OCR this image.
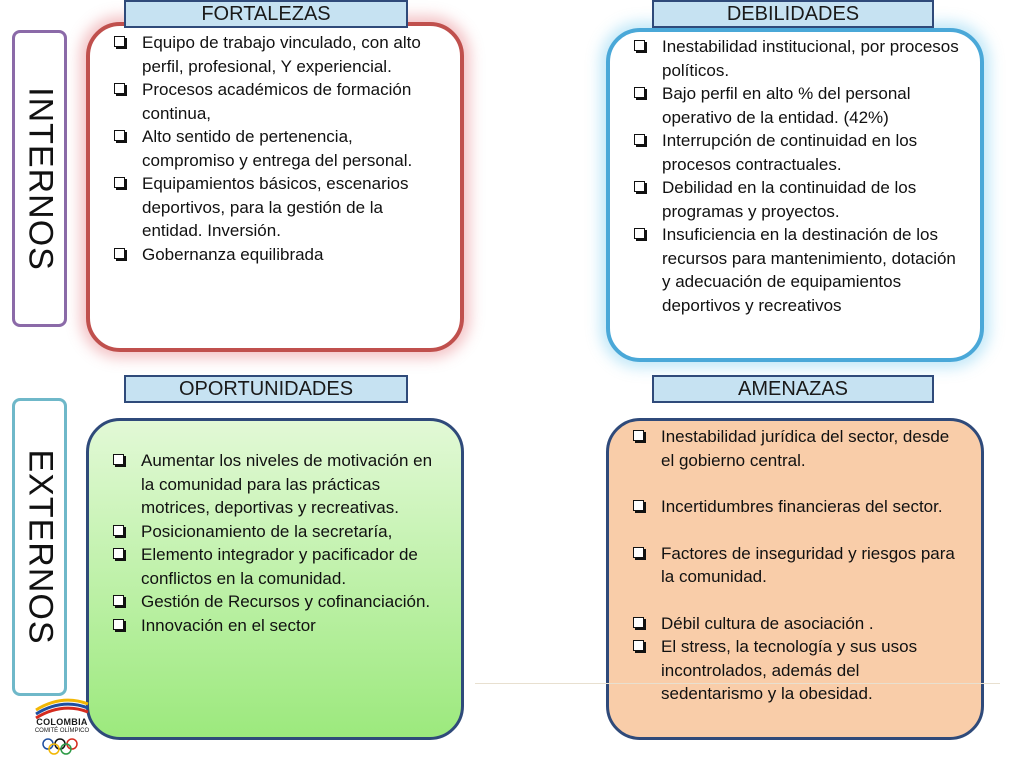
INTERNOS
EXTERNOS
Equipo de trabajo vinculado, con alto perfil, profesional, Y experiencial.
Procesos académicos de formación continua,
Alto sentido de pertenencia, compromiso y entrega del personal.
Equipamientos básicos, escenarios deportivos, para la gestión de la entidad. Inversión.
Gobernanza equilibrada
Inestabilidad institucional, por procesos políticos.
Bajo perfil en alto % del personal operativo de la entidad. (42%)
Interrupción de continuidad en los procesos contractuales.
Debilidad en la continuidad de los programas y proyectos.
Insuficiencia en la destinación de los recursos para mantenimiento, dotación y adecuación de equipamientos deportivos y recreativos
Aumentar los niveles de motivación en la comunidad para las prácticas motrices, deportivas y recreativas.
Posicionamiento de la secretaría,
Elemento integrador y pacificador de conflictos en la comunidad.
Gestión de Recursos y cofinanciación.
Innovación en el sector
Inestabilidad jurídica del sector, desde el gobierno central.
Incertidumbres financieras del sector.
Factores de inseguridad y riesgos para la comunidad.
Débil cultura de asociación .
El stress, la tecnología y sus usos incontrolados, además del sedentarismo y la obesidad.
FORTALEZAS	DEBILIDADES
OPORTUNIDADES	AMENAZAS
COLOMBIA
COMITÉ OLÍMPICO
